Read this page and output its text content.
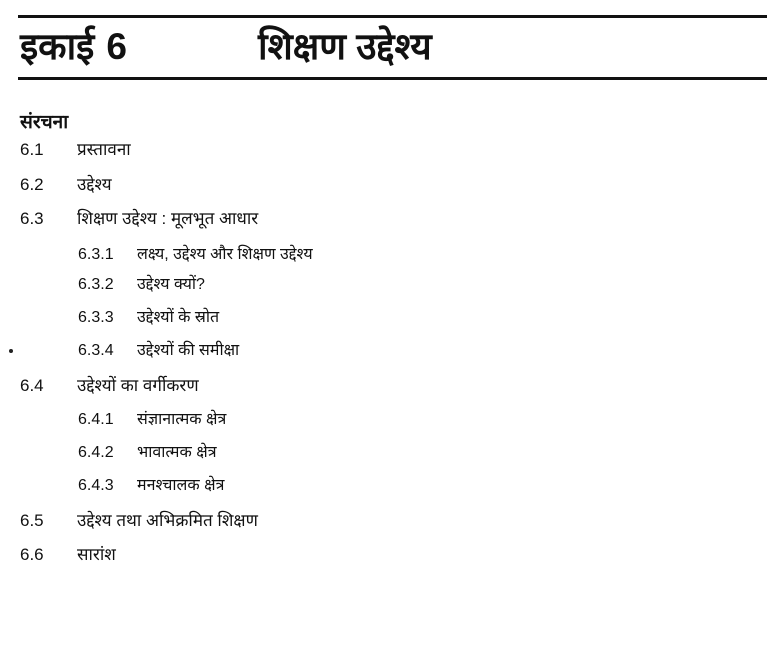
इकाई 6	शिक्षण उद्देश्य
संरचना
6.1 प्रस्तावना
6.2 उद्देश्य
6.3 शिक्षण उद्देश्य : मूलभूत आधार
6.3.1 लक्ष्य, उद्देश्य और शिक्षण उद्देश्य
6.3.2 उद्देश्य क्यों?
6.3.3 उद्देश्यों के स्रोत
6.3.4 उद्देश्यों की समीक्षा
6.4 उद्देश्यों का वर्गीकरण
6.4.1 संज्ञानात्मक क्षेत्र
6.4.2 भावात्मक क्षेत्र
6.4.3 मनश्चालक क्षेत्र
6.5 उद्देश्य तथा अभिक्रमित शिक्षण
6.6 सारांश
